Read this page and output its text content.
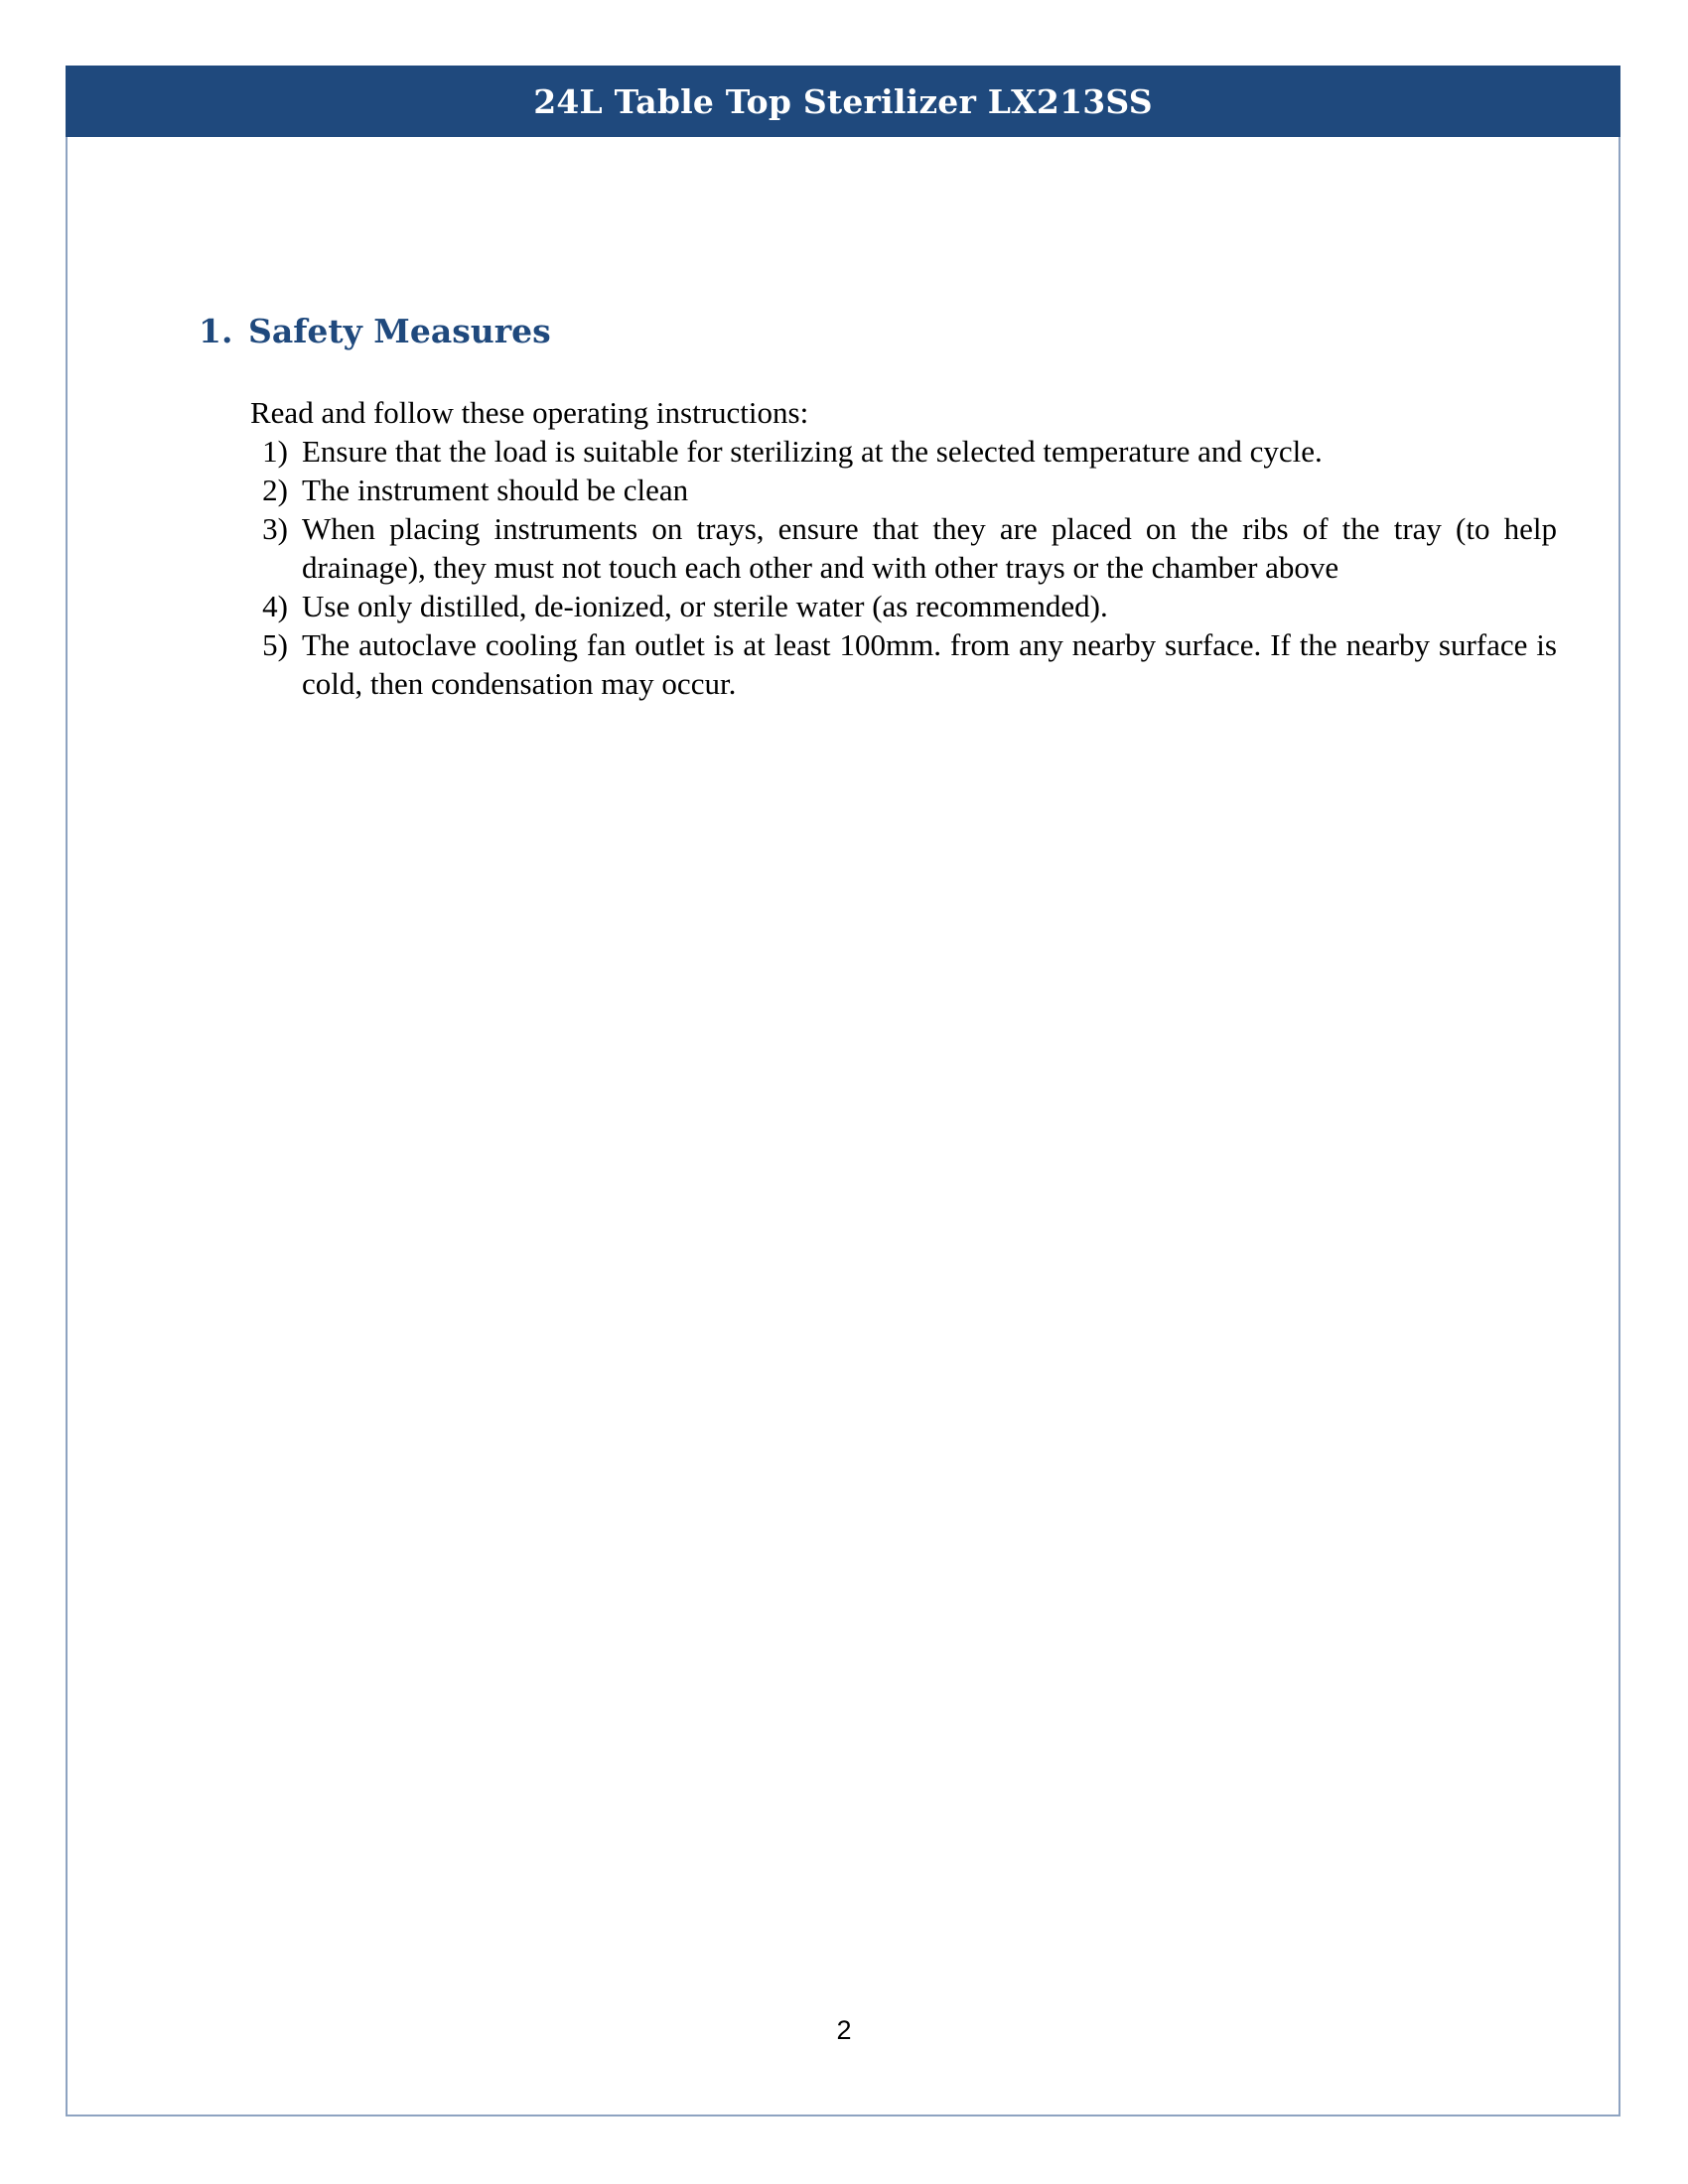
24L Table Top Sterilizer LX213SS
1. Safety Measures

Read and follow these operating instructions:

1) Ensure that the load is suitable for sterilizing at the selected temperature and cycle.
2) The instrument should be clean
3) When placing instruments on trays, ensure that they are placed on the ribs of the tray (to help drainage), they must not touch each other and with other trays or the chamber above
4) Use only distilled, de-ionized, or sterile water (as recommended).
5) The autoclave cooling fan outlet is at least 100mm. from any nearby surface. If the nearby surface is cold, then condensation may occur.
2
